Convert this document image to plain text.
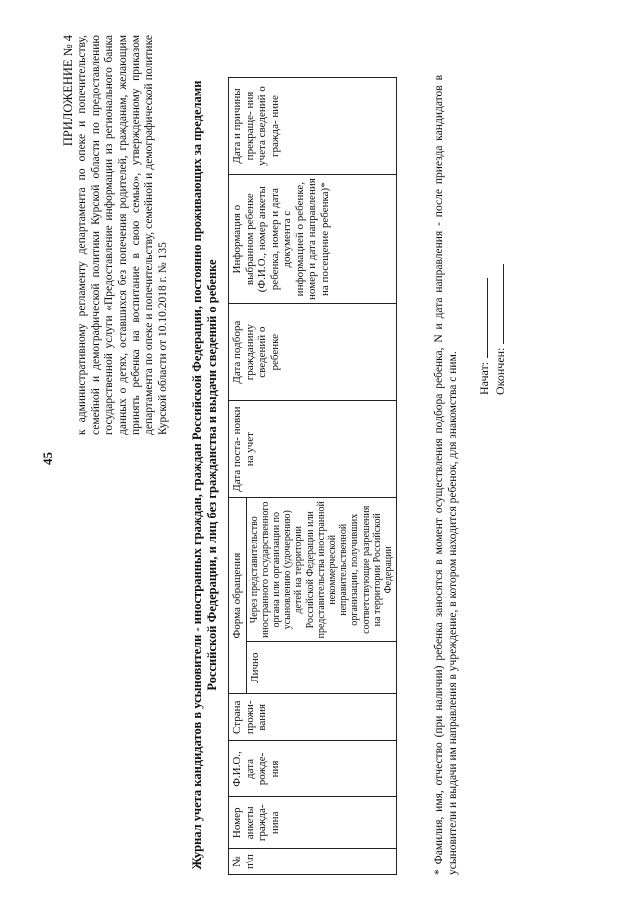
45
ПРИЛОЖЕНИЕ № 4 к административному регламенту департамента по опеке и попечительству, семейной и демографической политики Курской области по предоставлению государственной услуги «Предоставление информации из регионального банка данных о детях, оставшихся без попечения родителей, гражданам, желающим принять ребенка на воспитание в свою семью», утвержденному приказом департамента по опеке и попечительству, семейной и демографической политике Курской области от 10.10.2018 г. № 135 Журнал учета кандидатов в усыновители - иностранных граждан, граждан Российской Федерации, постоянно проживающих за пределами Российской Федерации, и лиц без гражданства и выдачи сведений о ребенке
№ п\п	Номер анкеты гражда- нина	Ф.И.О., дата рожде- ния	Страна прожи- вания	Форма обращения		Дата поста- новки на учет	Дата подбора гражданину сведений о ребенке	Информация о выбранном ребенке (Ф.И.О., номер анкеты ребенка, номер и дата документа с информацией о ребенке, номер и дата направления на посещение ребенка)*	Дата и причины прекраще- ния учета сведений о гражда- нине
				Лично	Через представительство иностранного государственного органа или организации по усыновлению (удочерению) детей на территории Российской Федерации или представительства иностранной некоммерческой неправительственной организации, получивших соответствующие разрешения на территории Российской Федерации					* Фамилия, имя, отчество (при наличии) ребенка заносятся в момент осуществления подбора ребенка, N и дата направления - после приезда кандидатов в усыновители и выдачи им направления в учреждение, в котором находится ребенок, для знакомства с ним. Начат: Окончен:
